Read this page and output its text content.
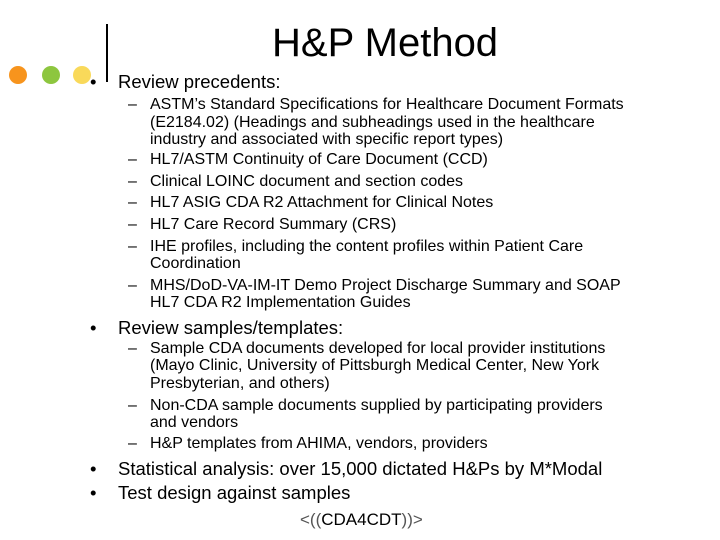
H&P Method
• Review precedents:
– ASTM’s Standard Specifications for Healthcare Document Formats
(E2184.02) (Headings and subheadings used in the healthcare
industry and associated with specific report types)
– HL7/ASTM Continuity of Care Document (CCD)
– Clinical LOINC document and section codes
– HL7 ASIG CDA R2 Attachment for Clinical Notes
– HL7 Care Record Summary (CRS)
– IHE profiles, including the content profiles within Patient Care
Coordination
– MHS/DoD-VA-IM-IT Demo Project Discharge Summary and SOAP
HL7 CDA R2 Implementation Guides
• Review samples/templates:
– Sample CDA documents developed for local provider institutions
(Mayo Clinic, University of Pittsburgh Medical Center, New York
Presbyterian, and others)
– Non-CDA sample documents supplied by participating providers
and vendors
– H&P templates from AHIMA, vendors, providers
• Statistical analysis: over 15,000 dictated H&Ps by M*Modal
• Test design against samples
<((CDA4CDT))>
